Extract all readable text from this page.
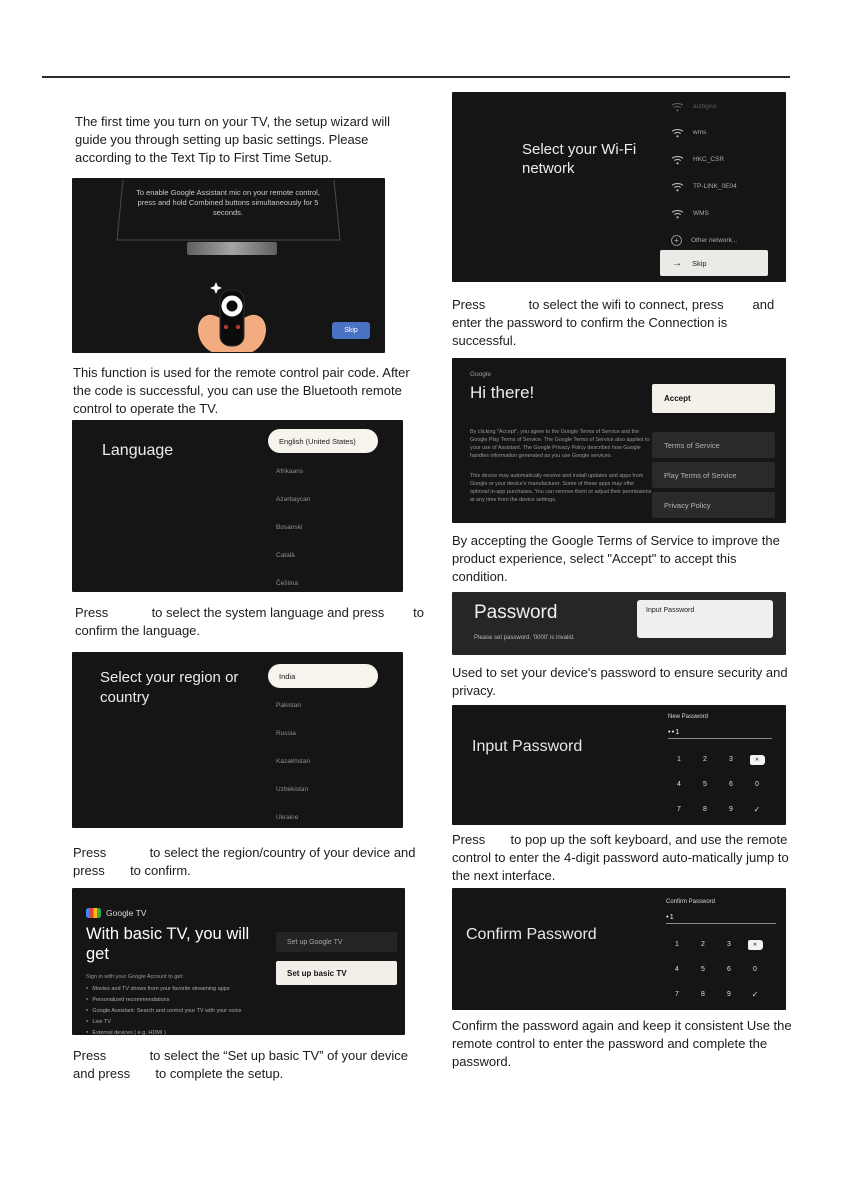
The first time you turn on your TV, the setup wizard will guide you through setting up basic settings. Please according to the Text Tip to First Time Setup.
To enable Google Assistant mic on your remote control, press and hold Combined buttons simultaneously for 5 seconds.
Skip
This function is used for the remote control pair code. After the code is successful, you can use the Bluetooth remote control to operate the TV.
Language
English (United States)
Afrikaans
Azərbaycan
Bosanski
Català
Čeština
Press            to select the system language and press        to confirm the language.
Select your region or country
India
Pakistan
Russia
Kazakhstan
Uzbekistan
Ukraine
Press            to select the region/country of your device and press       to confirm.
Google TV
With basic TV, you will get
Sign in with your Google Account to get:
● Movies and TV shows from your favorite streaming apps
● Personalized recommendations
● Google Assistant: Search and control your TV with your voice
● Live TV
● External devices ( e.g. HDMI )
Set up Google TV
Set up basic TV
Press            to select the “Set up basic TV” of your device and press       to complete the setup.
Select your Wi-Fi network
actbgwx
wms
HKC_CSR
TP-LINK_0E04
WMS
+	Other network...
→ Skip
Press            to select the wifi to connect, press        and enter the password to confirm the Connection is successful.
Google
Hi there!
By clicking "Accept", you agree to the Google Terms of Service and the Google Play Terms of Service. The Google Terms of Service also applies to your use of Assistant. The Google Privacy Policy describes how Google handles information generated as you use Google services.
This device may automatically receive and install updates and apps from Google or your device's manufacturer. Some of these apps may offer optional in-app purchases. You can remove them or adjust their permissions at any time from the device settings.
Accept
Terms of Service
Play Terms of Service
Privacy Policy
By accepting the Google Terms of Service to improve the product experience, select "Accept" to accept this condition.
Password
Please set password. '0000' is invalid.
Input Password
Used to set your device's password to ensure security and privacy.
Input Password
New Password
••1
1	2	3	✕
4	5	6	0
7	8	9	✓
Press       to pop up the soft keyboard, and use the remote control to enter the 4-digit password auto-matically jump to the next interface.
Confirm Password
Confirm Password
•1
1	2	3	✕
4	5	6	0
7	8	9	✓
Confirm the password again and keep it consistent Use the remote control to enter the password and complete the password.
